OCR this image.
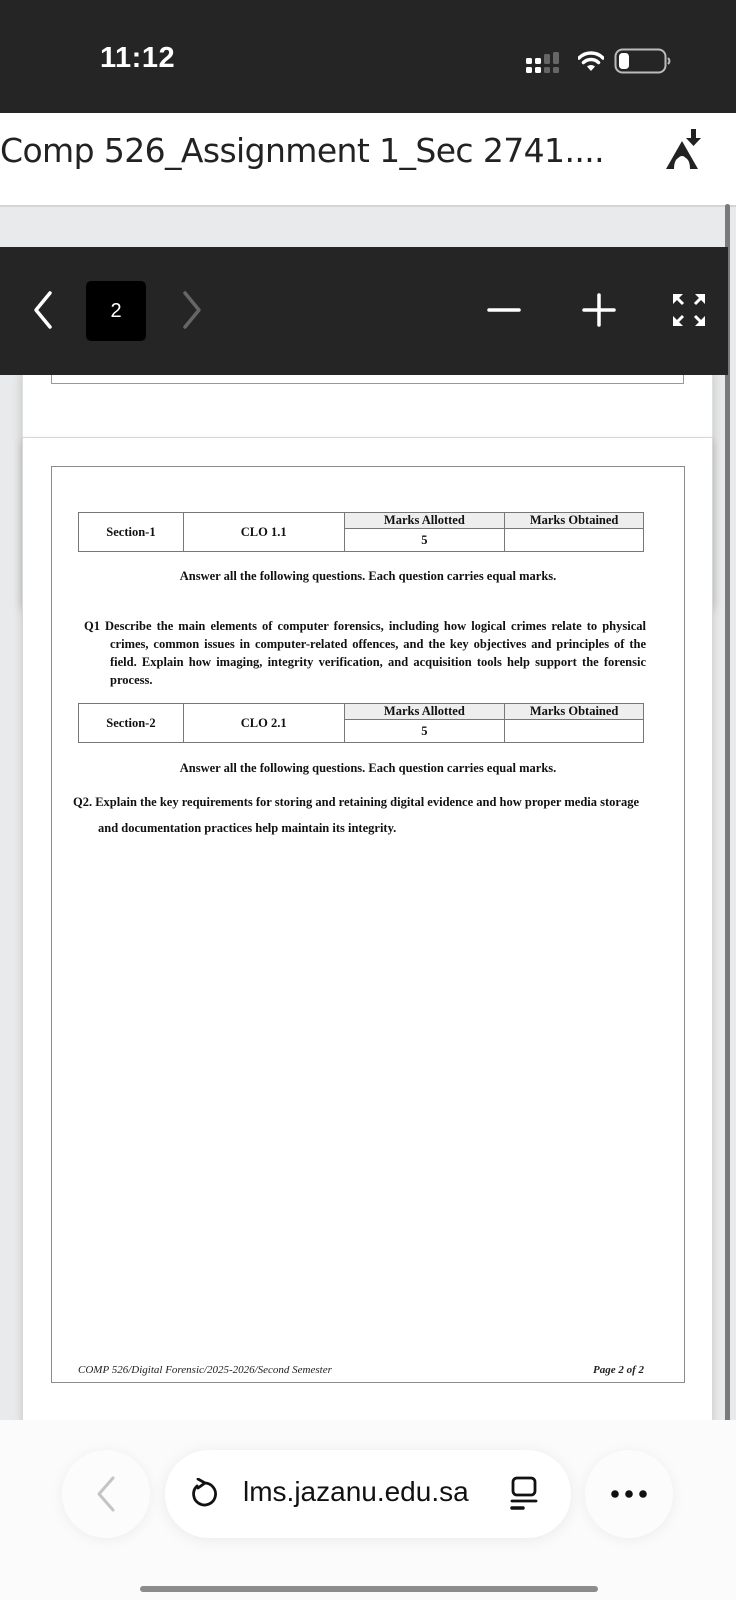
11:12
Comp 526_Assignment 1_Sec 2741....
Section-1	CLO 1.1	Marks Allotted	Marks Obtained
		5	
Answer all the following questions. Each question carries equal marks.
Q1 Describe the main elements of computer forensics, including how logical crimes relate to physical crimes, common issues in computer-related offences, and the key objectives and principles of the field. Explain how imaging, integrity verification, and acquisition tools help support the forensic process.
Section-2	CLO 2.1	Marks Allotted	Marks Obtained
		5	
Answer all the following questions. Each question carries equal marks.
Q2. Explain the key requirements for storing and retaining digital evidence and how proper media storage and documentation practices help maintain its integrity.
COMP 526/Digital Forensic/2025-2026/Second Semester	Page 2 of 2
2
lms.jazanu.edu.sa
